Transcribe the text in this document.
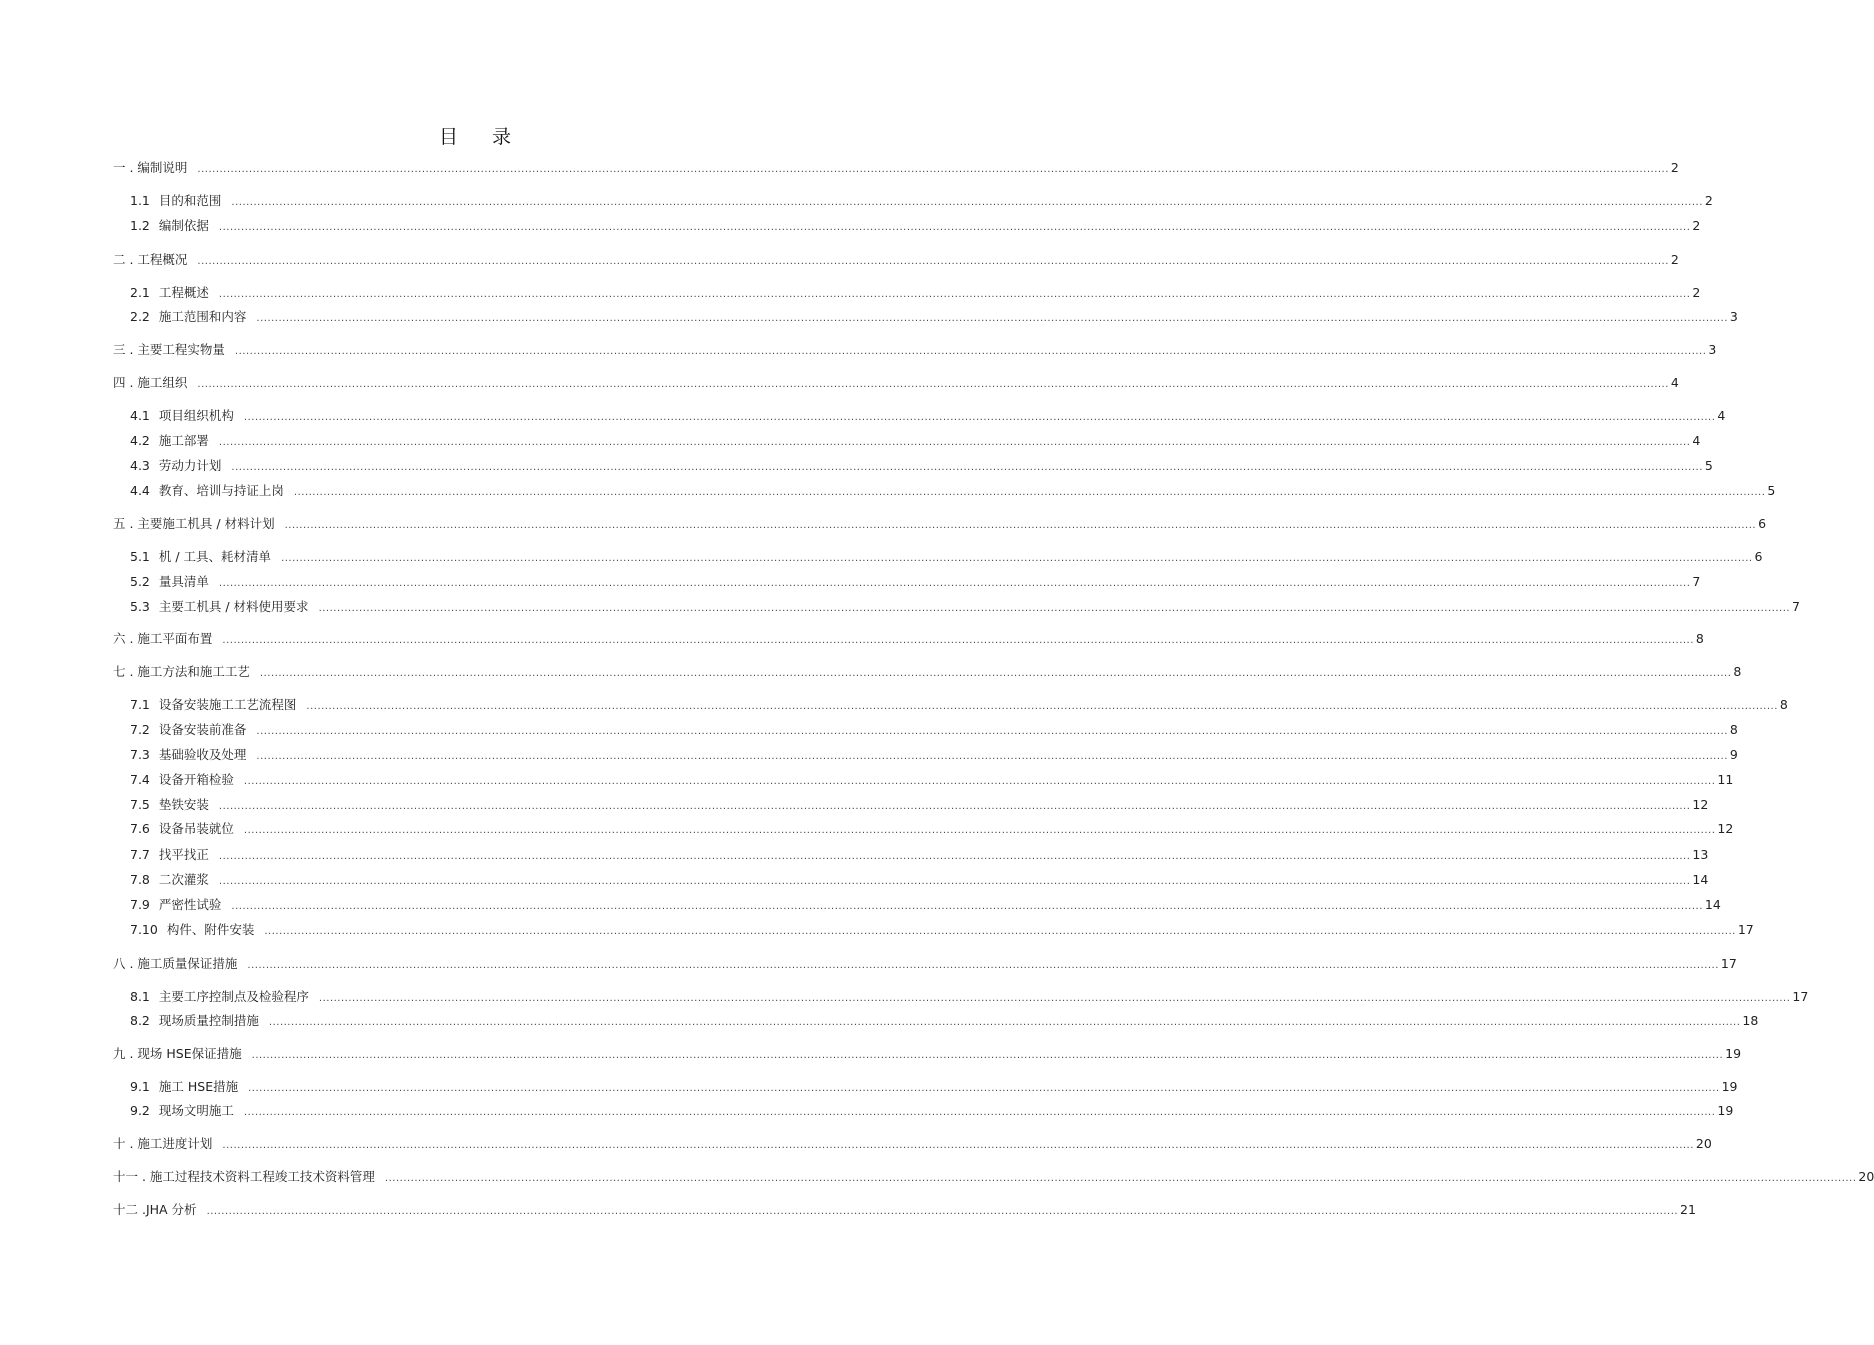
目 录
一 . 编制说明 ................................................................................................................................................................................................................................................................................................................................................................................................................ 2
1.1 目的和范围 ................................................................................................................................................................................................................................................................................................................................................................................................................ 2
1.2 编制依据 ................................................................................................................................................................................................................................................................................................................................................................................................................ 2
二 . 工程概况 ................................................................................................................................................................................................................................................................................................................................................................................................................ 2
2.1 工程概述 ................................................................................................................................................................................................................................................................................................................................................................................................................ 2
2.2 施工范围和内容 ................................................................................................................................................................................................................................................................................................................................................................................................................ 3
三 . 主要工程实物量 ................................................................................................................................................................................................................................................................................................................................................................................................................ 3
四 . 施工组织 ................................................................................................................................................................................................................................................................................................................................................................................................................ 4
4.1 项目组织机构 ................................................................................................................................................................................................................................................................................................................................................................................................................ 4
4.2 施工部署 ................................................................................................................................................................................................................................................................................................................................................................................................................ 4
4.3 劳动力计划 ................................................................................................................................................................................................................................................................................................................................................................................................................ 5
4.4 教育、培训与持证上岗 ................................................................................................................................................................................................................................................................................................................................................................................................................ 5
五 . 主要施工机具 / 材料计划 ................................................................................................................................................................................................................................................................................................................................................................................................................ 6
5.1 机 / 工具、耗材清单 ................................................................................................................................................................................................................................................................................................................................................................................................................ 6
5.2 量具清单 ................................................................................................................................................................................................................................................................................................................................................................................................................ 7
5.3 主要工机具 / 材料使用要求 ................................................................................................................................................................................................................................................................................................................................................................................................................ 7
六 . 施工平面布置 ................................................................................................................................................................................................................................................................................................................................................................................................................ 8
七 . 施工方法和施工工艺 ................................................................................................................................................................................................................................................................................................................................................................................................................ 8
7.1 设备安装施工工艺流程图 ................................................................................................................................................................................................................................................................................................................................................................................................................ 8
7.2 设备安装前准备 ................................................................................................................................................................................................................................................................................................................................................................................................................ 8
7.3 基础验收及处理 ................................................................................................................................................................................................................................................................................................................................................................................................................ 9
7.4 设备开箱检验 ................................................................................................................................................................................................................................................................................................................................................................................................................ 11
7.5 垫铁安装 ................................................................................................................................................................................................................................................................................................................................................................................................................ 12
7.6 设备吊装就位 ................................................................................................................................................................................................................................................................................................................................................................................................................ 12
7.7 找平找正 ................................................................................................................................................................................................................................................................................................................................................................................................................ 13
7.8 二次灌浆 ................................................................................................................................................................................................................................................................................................................................................................................................................ 14
7.9 严密性试验 ................................................................................................................................................................................................................................................................................................................................................................................................................ 14
7.10 构件、附件安装 ................................................................................................................................................................................................................................................................................................................................................................................................................ 17
八 . 施工质量保证措施 ................................................................................................................................................................................................................................................................................................................................................................................................................ 17
8.1 主要工序控制点及检验程序 ................................................................................................................................................................................................................................................................................................................................................................................................................ 17
8.2 现场质量控制措施 ................................................................................................................................................................................................................................................................................................................................................................................................................ 18
九 . 现场 HSE保证措施 ................................................................................................................................................................................................................................................................................................................................................................................................................ 19
9.1 施工 HSE措施 ................................................................................................................................................................................................................................................................................................................................................................................................................ 19
9.2 现场文明施工 ................................................................................................................................................................................................................................................................................................................................................................................................................ 19
十 . 施工进度计划 ................................................................................................................................................................................................................................................................................................................................................................................................................ 20
十一 . 施工过程技术资料工程竣工技术资料管理 ................................................................................................................................................................................................................................................................................................................................................................................................................ 20
十二 .JHA 分析 ................................................................................................................................................................................................................................................................................................................................................................................................................ 21
